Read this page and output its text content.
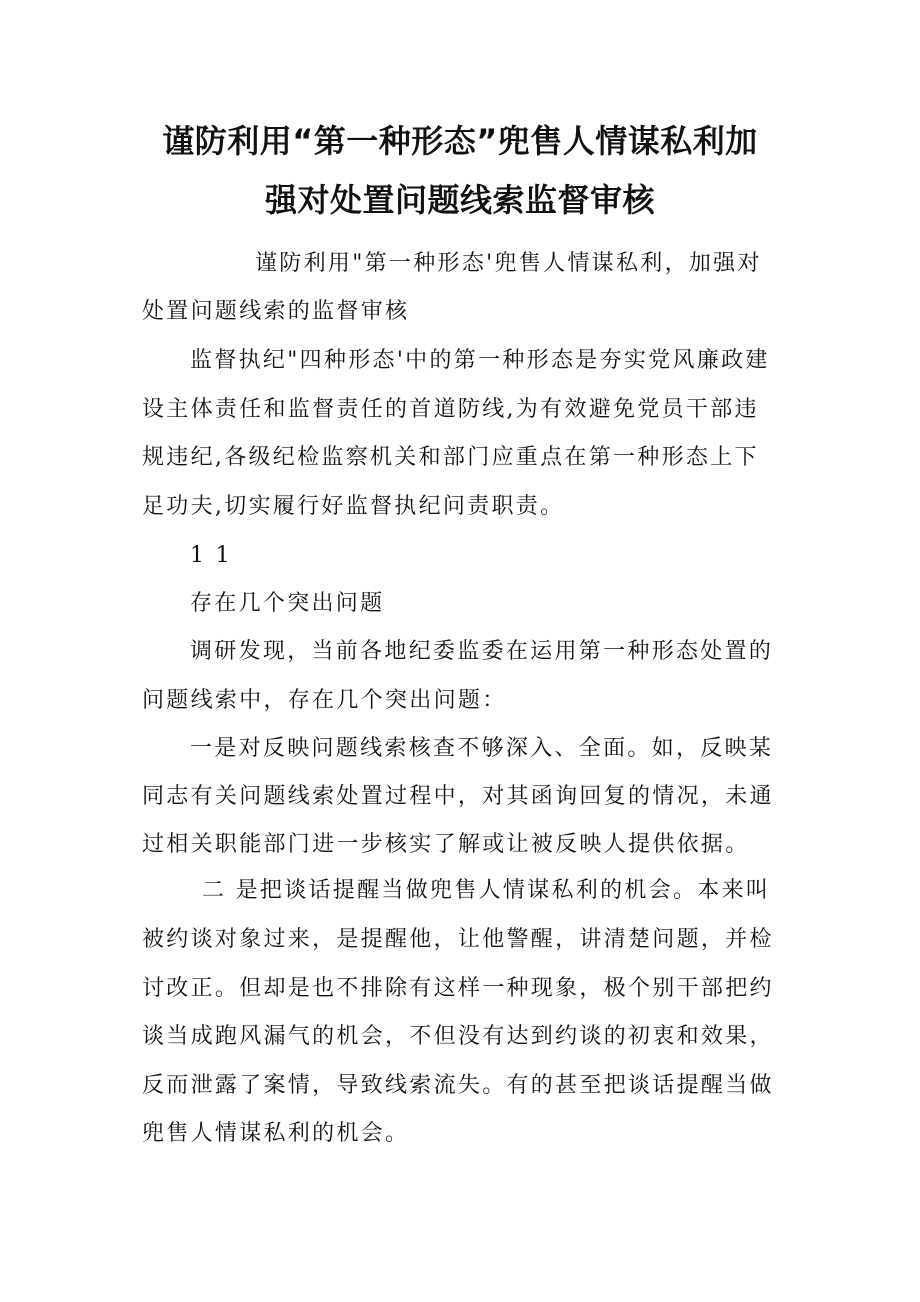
谨防利用“第一种形态”兜售人情谋私利加
强对处置问题线索监督审核
谨防利用"第一种形态'兜售人情谋私利，加强对
处置问题线索的监督审核
监督执纪"四种形态'中的第一种形态是夯实党风廉政建
设主体责任和监督责任的首道防线,为有效避免党员干部违
规违纪,各级纪检监察机关和部门应重点在第一种形态上下
足功夫,切实履行好监督执纪问责职责。
1 1
存在几个突出问题
调研发现，当前各地纪委监委在运用第一种形态处置的
问题线索中，存在几个突出问题：
一是对反映问题线索核查不够深入、全面。如，反映某
同志有关问题线索处置过程中，对其函询回复的情况，未通
过相关职能部门进一步核实了解或让被反映人提供依据。
二 是把谈话提醒当做兜售人情谋私利的机会。本来叫
被约谈对象过来，是提醒他，让他警醒，讲清楚问题，并检
讨改正。但却是也不排除有这样一种现象，极个别干部把约
谈当成跑风漏气的机会，不但没有达到约谈的初衷和效果，
反而泄露了案情，导致线索流失。有的甚至把谈话提醒当做
兜售人情谋私利的机会。
